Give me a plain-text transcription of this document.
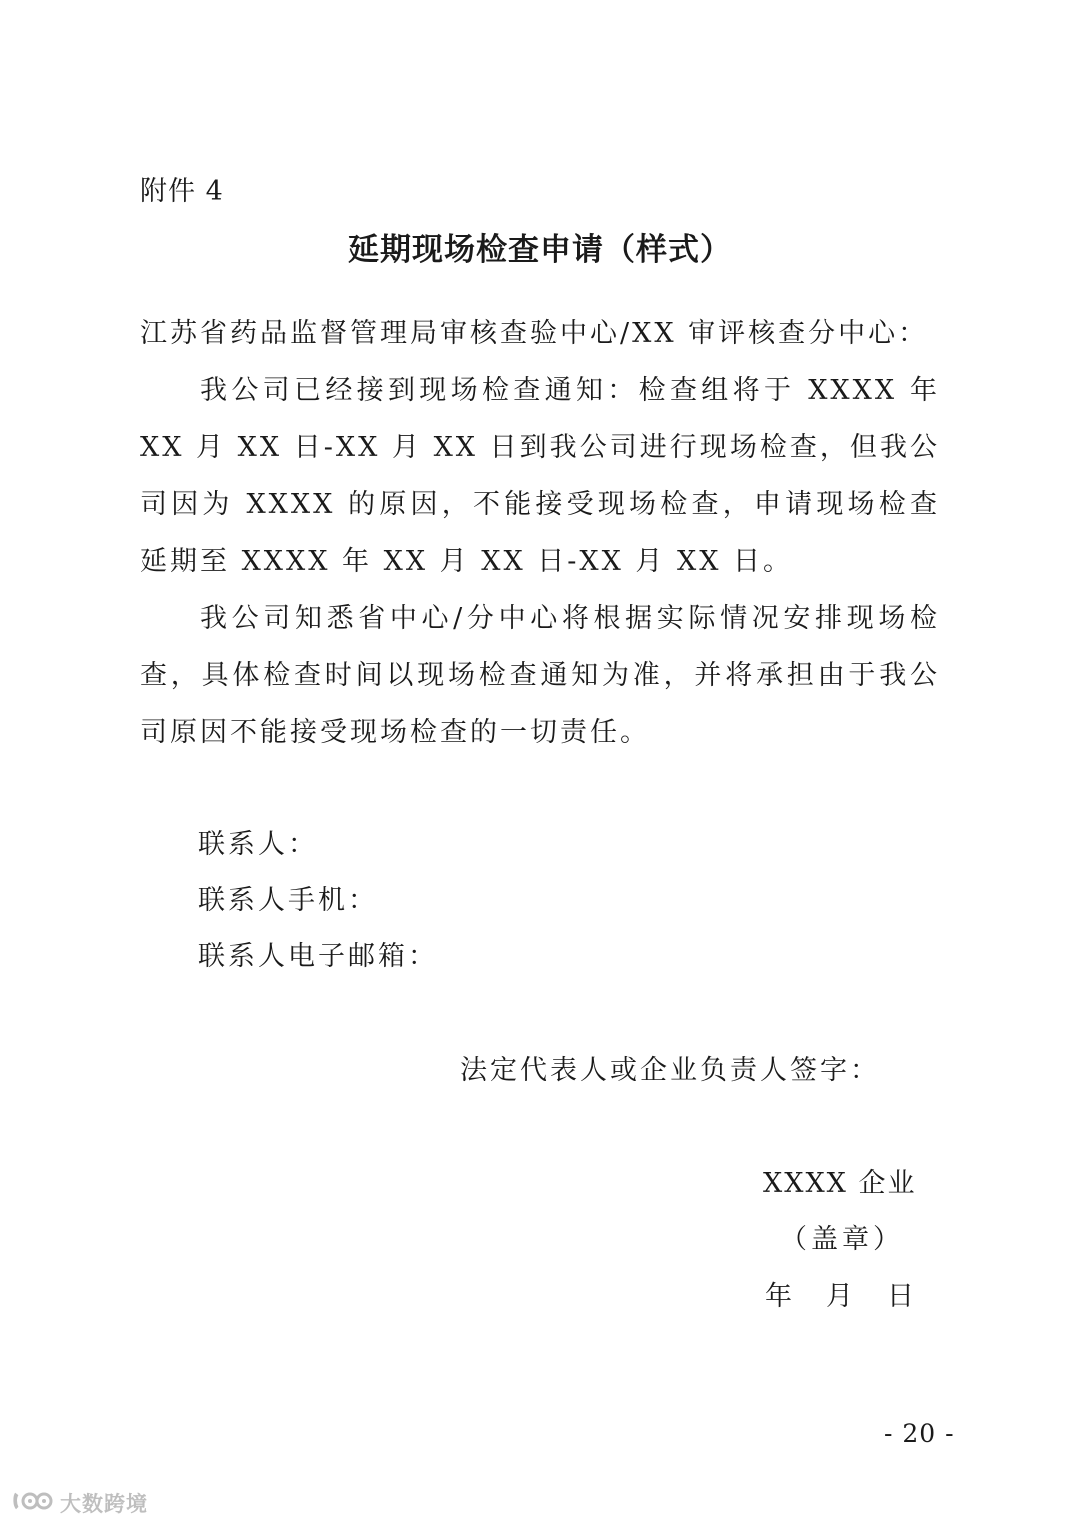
附件 4
延期现场检查申请（样式）
江苏省药品监督管理局审核查验中心/XX 审评核查分中心：

我公司已经接到现场检查通知：检查组将于 XXXX 年 XX 月 XX 日-XX 月 XX 日到我公司进行现场检查，但我公司因为 XXXX 的原因，不能接受现场检查，申请现场检查延期至 XXXX 年 XX 月 XX 日-XX 月 XX 日。

我公司知悉省中心/分中心将根据实际情况安排现场检查，具体检查时间以现场检查通知为准，并将承担由于我公司原因不能接受现场检查的一切责任。

联系人：
联系人手机：
联系人电子邮箱：
法定代表人或企业负责人签字：
XXXX 企业
（盖章）
年 月 日
- 20 -
大数跨境
